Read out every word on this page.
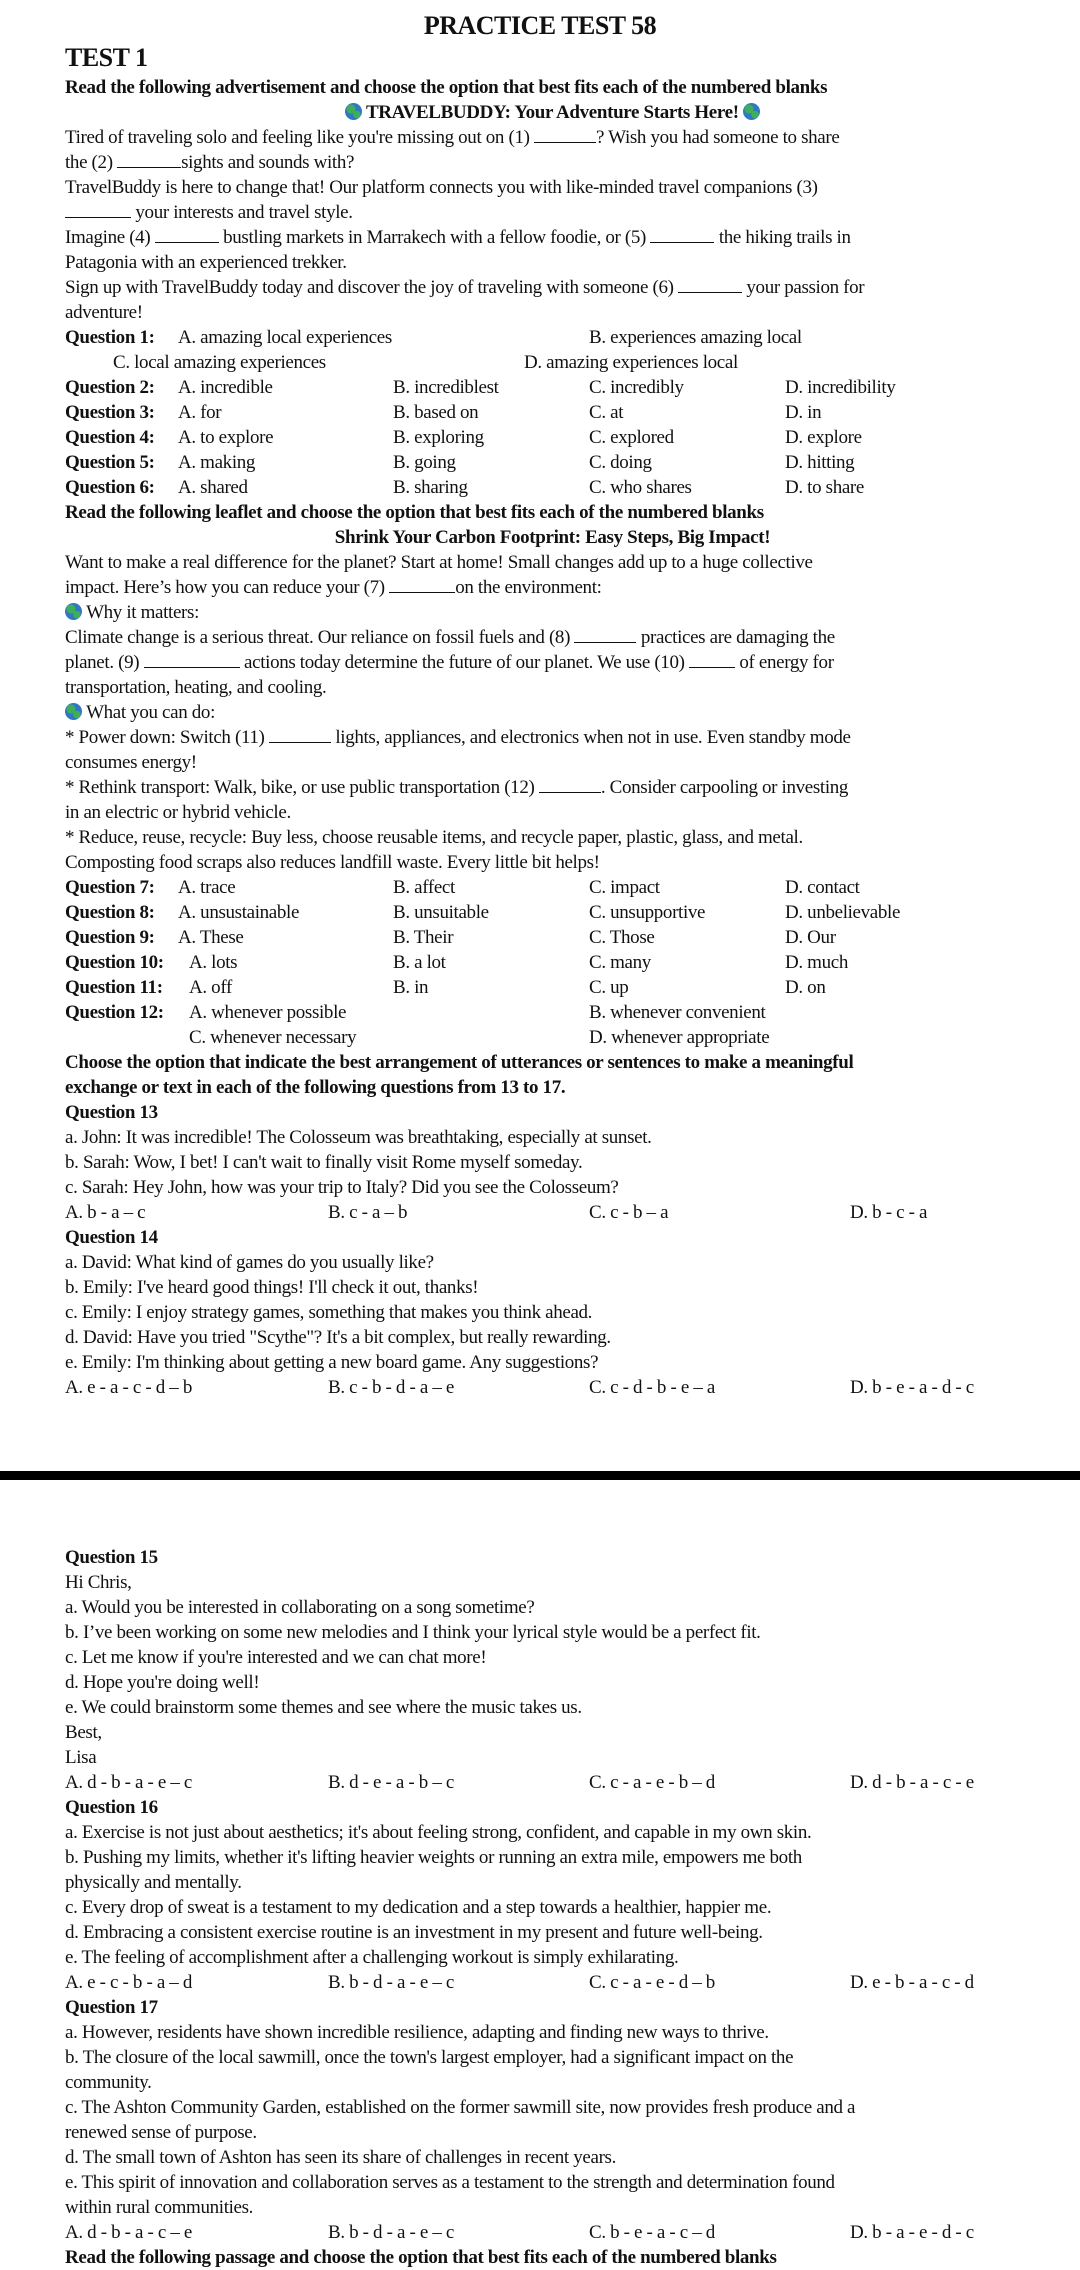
PRACTICE TEST 58
TEST 1
Read the following advertisement and choose the option that best fits each of the numbered blanks
TRAVELBUDDY: Your Adventure Starts Here!
Tired of traveling solo and feeling like you're missing out on (1)	? Wish you had someone to share
the (2)	sights and sounds with?
TravelBuddy is here to change that! Our platform connects you with like-minded travel companions (3)
your interests and travel style.
Imagine (4)	bustling markets in Marrakech with a fellow foodie, or (5)	the hiking trails in
Patagonia with an experienced trekker.
Sign up with TravelBuddy today and discover the joy of traveling with someone (6)	your passion for
adventure!
Question 1: A. amazing local experiences	B. experiences amazing local
C. local amazing experiences	D. amazing experiences local
Question 2: A. incredible	B. incrediblest	C. incredibly	D. incredibility
Question 3: A. for	B. based on	C. at	D. in
Question 4: A. to explore	B. exploring	C. explored	D. explore
Question 5: A. making	B. going	C. doing	D. hitting
Question 6: A. shared	B. sharing	C. who shares	D. to share
Read the following leaflet and choose the option that best fits each of the numbered blanks
Shrink Your Carbon Footprint: Easy Steps, Big Impact!
Want to make a real difference for the planet? Start at home! Small changes add up to a huge collective
impact. Here’s how you can reduce your (7)	on the environment:
Why it matters:
Climate change is a serious threat. Our reliance on fossil fuels and (8)	practices are damaging the
planet. (9)	actions today determine the future of our planet. We use (10)  of energy for
transportation, heating, and cooling.
What you can do:
* Power down: Switch (11)	lights, appliances, and electronics when not in use. Even standby mode
consumes energy!
* Rethink transport: Walk, bike, or use public transportation (12)	. Consider carpooling or investing
in an electric or hybrid vehicle.
* Reduce, reuse, recycle: Buy less, choose reusable items, and recycle paper, plastic, glass, and metal.
Composting food scraps also reduces landfill waste. Every little bit helps!
Question 7: A. trace	B. affect	C. impact	D. contact
Question 8: A. unsustainable	B. unsuitable	C. unsupportive	D. unbelievable
Question 9: A. These	B. Their	C. Those	D. Our
Question 10: A. lots	B. a lot	C. many	D. much
Question 11: A. off	B. in	C. up	D. on
Question 12: A. whenever possible	B. whenever convenient
C. whenever necessary	D. whenever appropriate
Choose the option that indicate the best arrangement of utterances or sentences to make a meaningful
exchange or text in each of the following questions from 13 to 17.
Question 13
a. John: It was incredible! The Colosseum was breathtaking, especially at sunset.
b. Sarah: Wow, I bet! I can't wait to finally visit Rome myself someday.
c. Sarah: Hey John, how was your trip to Italy? Did you see the Colosseum?
A. b - a – c	B. c - a – b	C. c - b – a	D. b - c - a
Question 14
a. David: What kind of games do you usually like?
b. Emily: I've heard good things! I'll check it out, thanks!
c. Emily: I enjoy strategy games, something that makes you think ahead.
d. David: Have you tried "Scythe"? It's a bit complex, but really rewarding.
e. Emily: I'm thinking about getting a new board game. Any suggestions?
A. e - a - c - d – b	B. c - b - d - a – e	C. c - d - b - e – a	D. b - e - a - d - c
Question 15
Hi Chris,
a. Would you be interested in collaborating on a song sometime?
b. I’ve been working on some new melodies and I think your lyrical style would be a perfect fit.
c. Let me know if you're interested and we can chat more!
d. Hope you're doing well!
e. We could brainstorm some themes and see where the music takes us.
Best,
Lisa
A. d - b - a - e – c	B. d - e - a - b – c	C. c - a - e - b – d	D. d - b - a - c - e
Question 16
a. Exercise is not just about aesthetics; it's about feeling strong, confident, and capable in my own skin.
b. Pushing my limits, whether it's lifting heavier weights or running an extra mile, empowers me both
physically and mentally.
c. Every drop of sweat is a testament to my dedication and a step towards a healthier, happier me.
d. Embracing a consistent exercise routine is an investment in my present and future well-being.
e. The feeling of accomplishment after a challenging workout is simply exhilarating.
A. e - c - b - a – d	B. b - d - a - e – c	C. c - a - e - d – b	D. e - b - a - c - d
Question 17
a. However, residents have shown incredible resilience, adapting and finding new ways to thrive.
b. The closure of the local sawmill, once the town's largest employer, had a significant impact on the
community.
c. The Ashton Community Garden, established on the former sawmill site, now provides fresh produce and a
renewed sense of purpose.
d. The small town of Ashton has seen its share of challenges in recent years.
e. This spirit of innovation and collaboration serves as a testament to the strength and determination found
within rural communities.
A. d - b - a - c – e	B. b - d - a - e – c	C. b - e - a - c – d	D. b - a - e - d - c
Read the following passage and choose the option that best fits each of the numbered blanks
